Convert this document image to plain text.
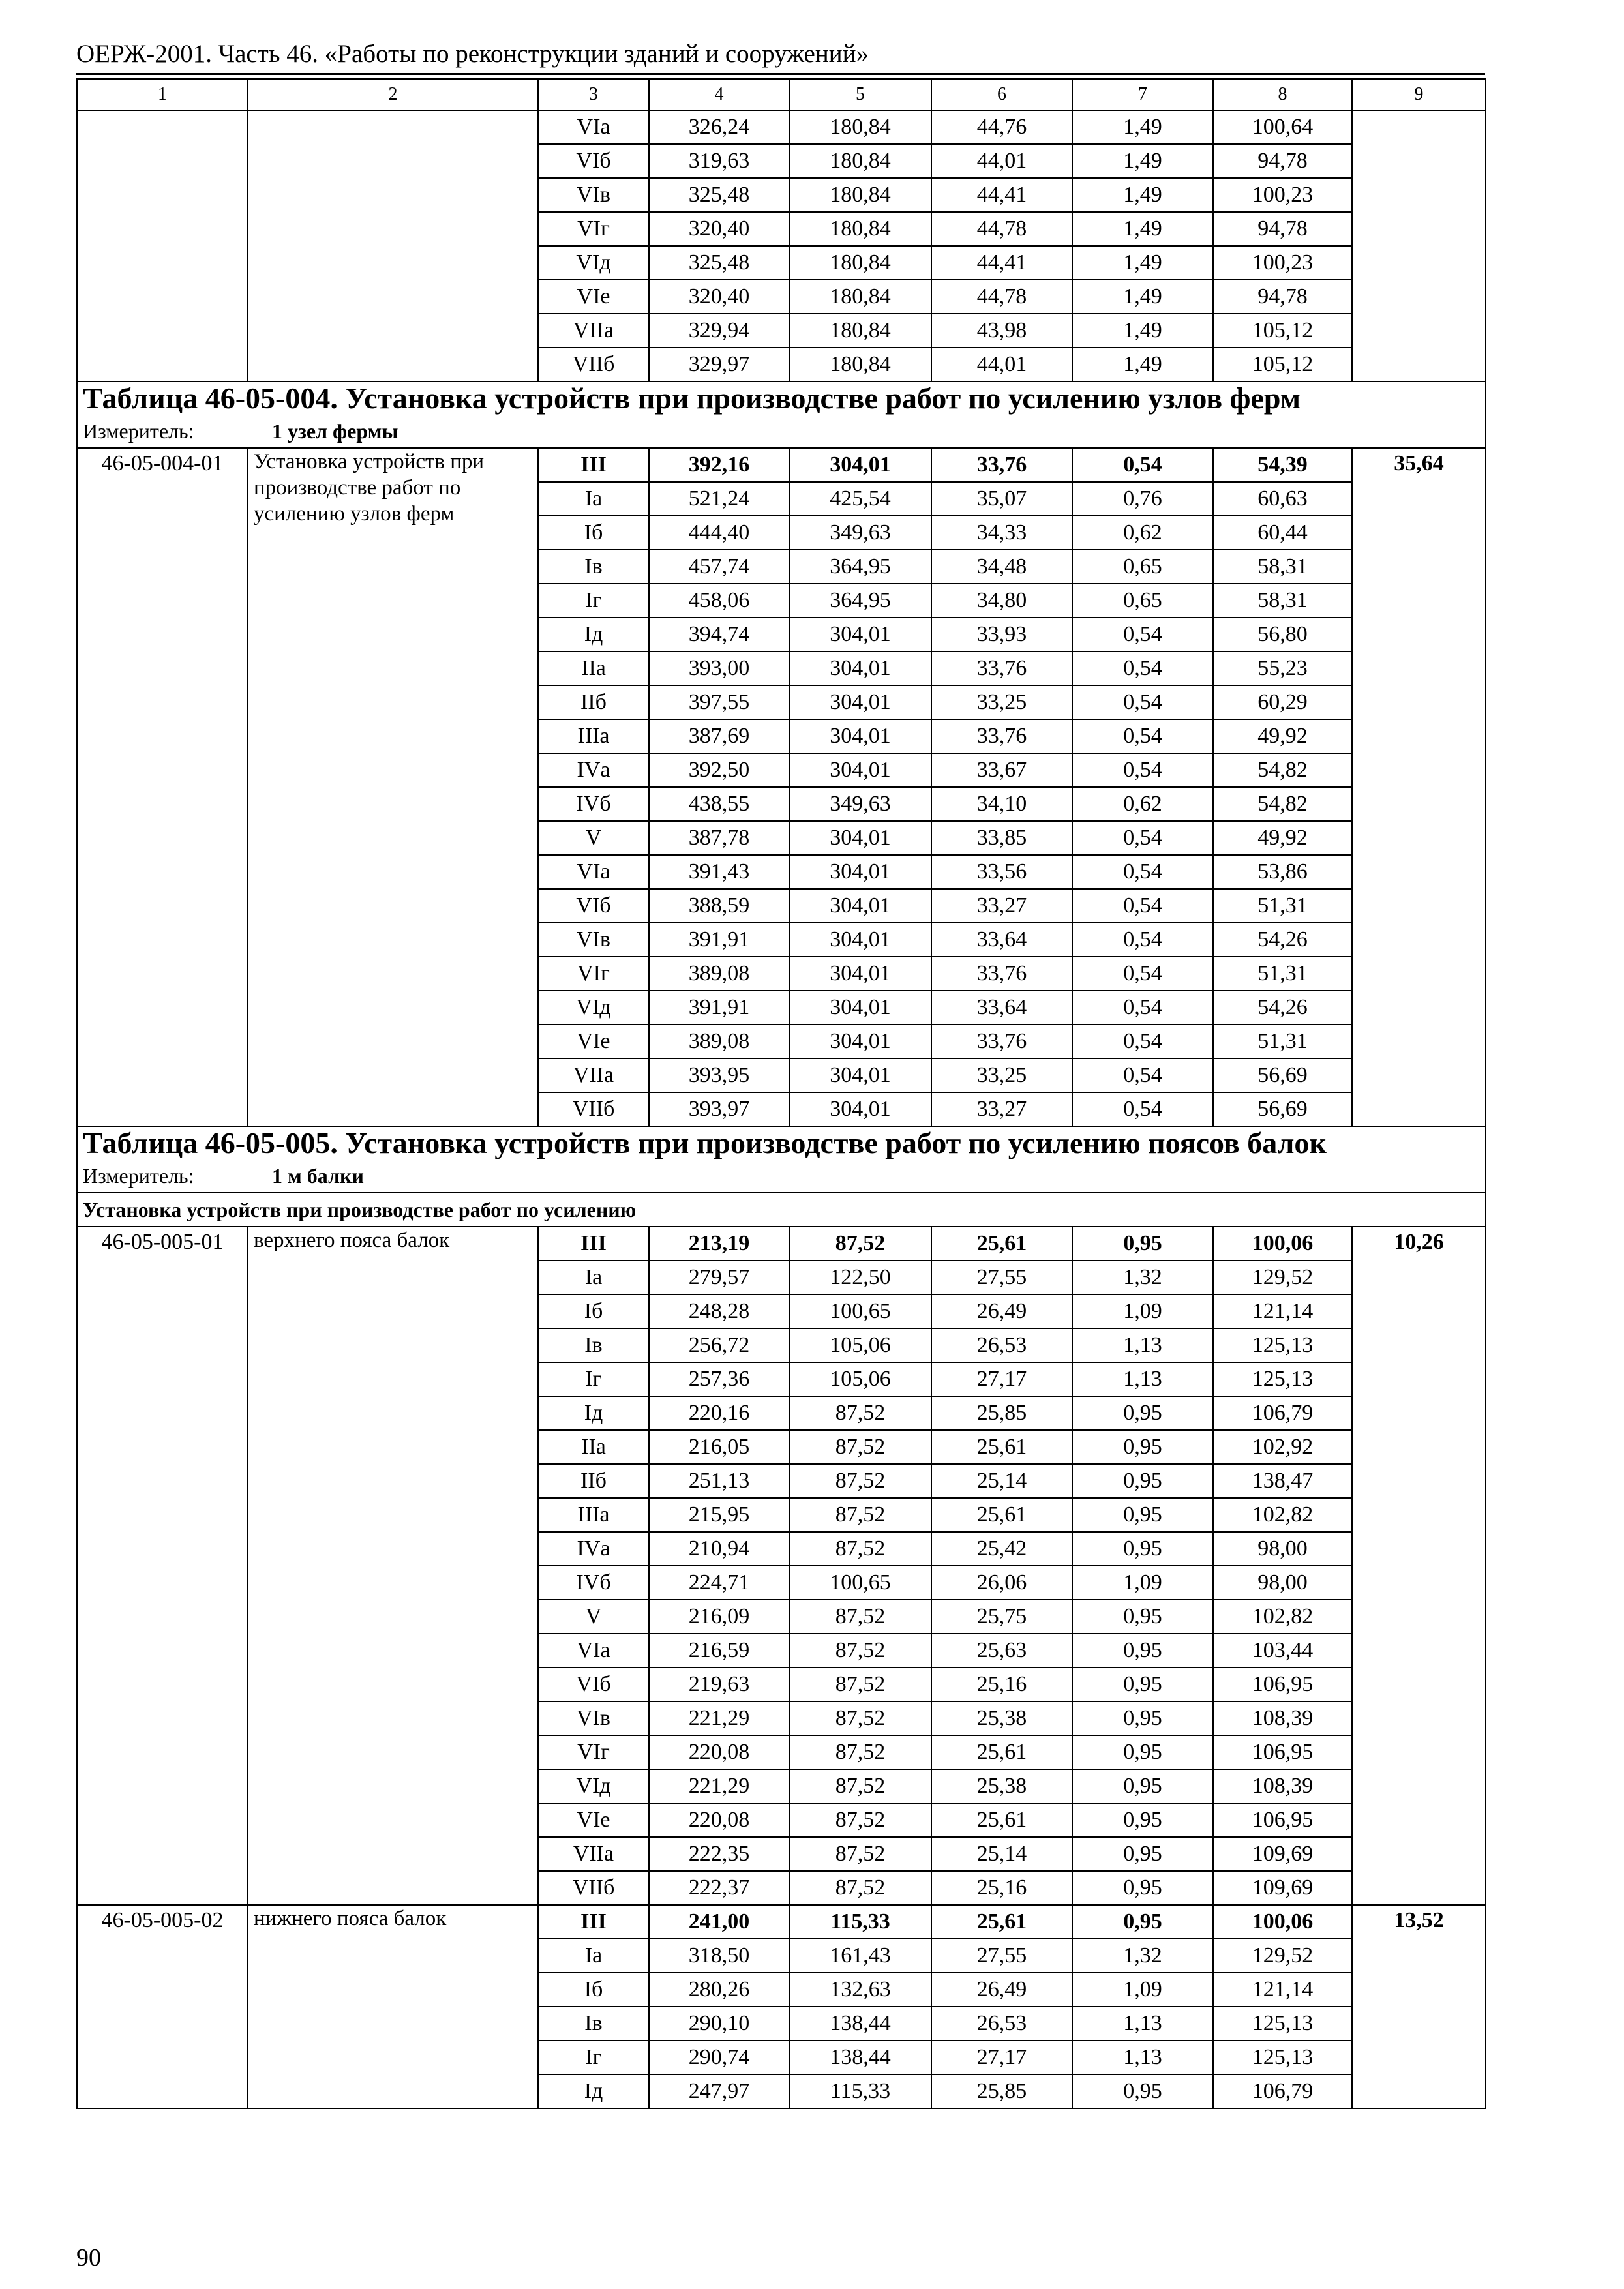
ОЕРЖ-2001. Часть 46. «Работы по реконструкции зданий и сооружений»
1	2	3	4	5	6	7	8	9
		VIа	326,24	180,84	44,76	1,49	100,64	
		VIб	319,63	180,84	44,01	1,49	94,78	
		VIв	325,48	180,84	44,41	1,49	100,23	
		VIг	320,40	180,84	44,78	1,49	94,78	
		VIд	325,48	180,84	44,41	1,49	100,23	
		VIе	320,40	180,84	44,78	1,49	94,78	
		VIIа	329,94	180,84	43,98	1,49	105,12	
		VIIб	329,97	180,84	44,01	1,49	105,12	
Таблица 46-05-004. Установка устройств при производстве работ по усилению узлов ферм								
Измеритель: 1 узел фермы								
46-05-004-01	Установка устройств при производстве работ по усилению узлов ферм	III	392,16	304,01	33,76	0,54	54,39	35,64
		Iа	521,24	425,54	35,07	0,76	60,63	
		Iб	444,40	349,63	34,33	0,62	60,44	
		Iв	457,74	364,95	34,48	0,65	58,31	
		Iг	458,06	364,95	34,80	0,65	58,31	
		Iд	394,74	304,01	33,93	0,54	56,80	
		IIа	393,00	304,01	33,76	0,54	55,23	
		IIб	397,55	304,01	33,25	0,54	60,29	
		IIIа	387,69	304,01	33,76	0,54	49,92	
		IVа	392,50	304,01	33,67	0,54	54,82	
		IVб	438,55	349,63	34,10	0,62	54,82	
		V	387,78	304,01	33,85	0,54	49,92	
		VIа	391,43	304,01	33,56	0,54	53,86	
		VIб	388,59	304,01	33,27	0,54	51,31	
		VIв	391,91	304,01	33,64	0,54	54,26	
		VIг	389,08	304,01	33,76	0,54	51,31	
		VIд	391,91	304,01	33,64	0,54	54,26	
		VIе	389,08	304,01	33,76	0,54	51,31	
		VIIа	393,95	304,01	33,25	0,54	56,69	
		VIIб	393,97	304,01	33,27	0,54	56,69	
Таблица 46-05-005. Установка устройств при производстве работ по усилению поясов балок								
Измеритель: 1 м балки								
Установка устройств при производстве работ по усилению								
46-05-005-01	верхнего пояса балок	III	213,19	87,52	25,61	0,95	100,06	10,26
		Iа	279,57	122,50	27,55	1,32	129,52	
		Iб	248,28	100,65	26,49	1,09	121,14	
		Iв	256,72	105,06	26,53	1,13	125,13	
		Iг	257,36	105,06	27,17	1,13	125,13	
		Iд	220,16	87,52	25,85	0,95	106,79	
		IIа	216,05	87,52	25,61	0,95	102,92	
		IIб	251,13	87,52	25,14	0,95	138,47	
		IIIа	215,95	87,52	25,61	0,95	102,82	
		IVа	210,94	87,52	25,42	0,95	98,00	
		IVб	224,71	100,65	26,06	1,09	98,00	
		V	216,09	87,52	25,75	0,95	102,82	
		VIа	216,59	87,52	25,63	0,95	103,44	
		VIб	219,63	87,52	25,16	0,95	106,95	
		VIв	221,29	87,52	25,38	0,95	108,39	
		VIг	220,08	87,52	25,61	0,95	106,95	
		VIд	221,29	87,52	25,38	0,95	108,39	
		VIе	220,08	87,52	25,61	0,95	106,95	
		VIIа	222,35	87,52	25,14	0,95	109,69	
		VIIб	222,37	87,52	25,16	0,95	109,69	
46-05-005-02	нижнего пояса балок	III	241,00	115,33	25,61	0,95	100,06	13,52
		Iа	318,50	161,43	27,55	1,32	129,52	
		Iб	280,26	132,63	26,49	1,09	121,14	
		Iв	290,10	138,44	26,53	1,13	125,13	
		Iг	290,74	138,44	27,17	1,13	125,13	
		Iд	247,97	115,33	25,85	0,95	106,79	
90
